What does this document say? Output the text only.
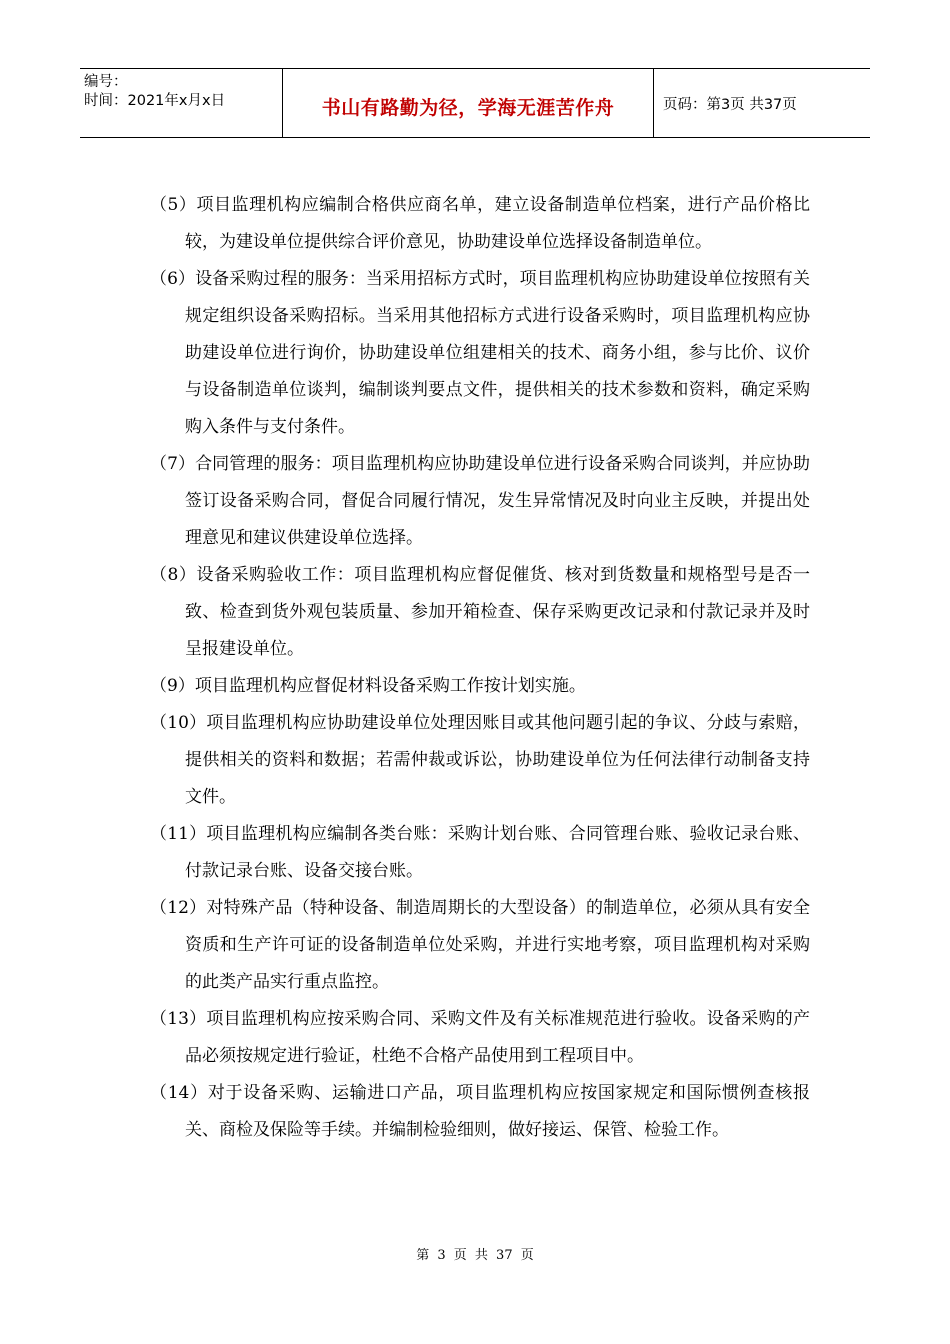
编号：
时间：2021年x月x日	书山有路勤为径，学海无涯苦作舟	页码：第3页 共37页

（5）项目监理机构应编制合格供应商名单，建立设备制造单位档案，进行产品价格比较，为建设单位提供综合评价意见，协助建设单位选择设备制造单位。

（6）设备采购过程的服务：当采用招标方式时，项目监理机构应协助建设单位按照有关规定组织设备采购招标。当采用其他招标方式进行设备采购时，项目监理机构应协助建设单位进行询价，协助建设单位组建相关的技术、商务小组，参与比价、议价与设备制造单位谈判，编制谈判要点文件，提供相关的技术参数和资料，确定采购购入条件与支付条件。

（7）合同管理的服务：项目监理机构应协助建设单位进行设备采购合同谈判，并应协助签订设备采购合同，督促合同履行情况，发生异常情况及时向业主反映，并提出处理意见和建议供建设单位选择。

（8）设备采购验收工作：项目监理机构应督促催货、核对到货数量和规格型号是否一致、检查到货外观包装质量、参加开箱检查、保存采购更改记录和付款记录并及时呈报建设单位。

（9）项目监理机构应督促材料设备采购工作按计划实施。

（10）项目监理机构应协助建设单位处理因账目或其他问题引起的争议、分歧与索赔，提供相关的资料和数据；若需仲裁或诉讼，协助建设单位为任何法律行动制备支持文件。

（11）项目监理机构应编制各类台账：采购计划台账、合同管理台账、验收记录台账、付款记录台账、设备交接台账。

（12）对特殊产品（特种设备、制造周期长的大型设备）的制造单位，必须从具有安全资质和生产许可证的设备制造单位处采购，并进行实地考察，项目监理机构对采购的此类产品实行重点监控。

（13）项目监理机构应按采购合同、采购文件及有关标准规范进行验收。设备采购的产品必须按规定进行验证，杜绝不合格产品使用到工程项目中。

（14）对于设备采购、运输进口产品，项目监理机构应按国家规定和国际惯例查核报关、商检及保险等手续。并编制检验细则，做好接运、保管、检验工作。

第 3 页 共 37 页
